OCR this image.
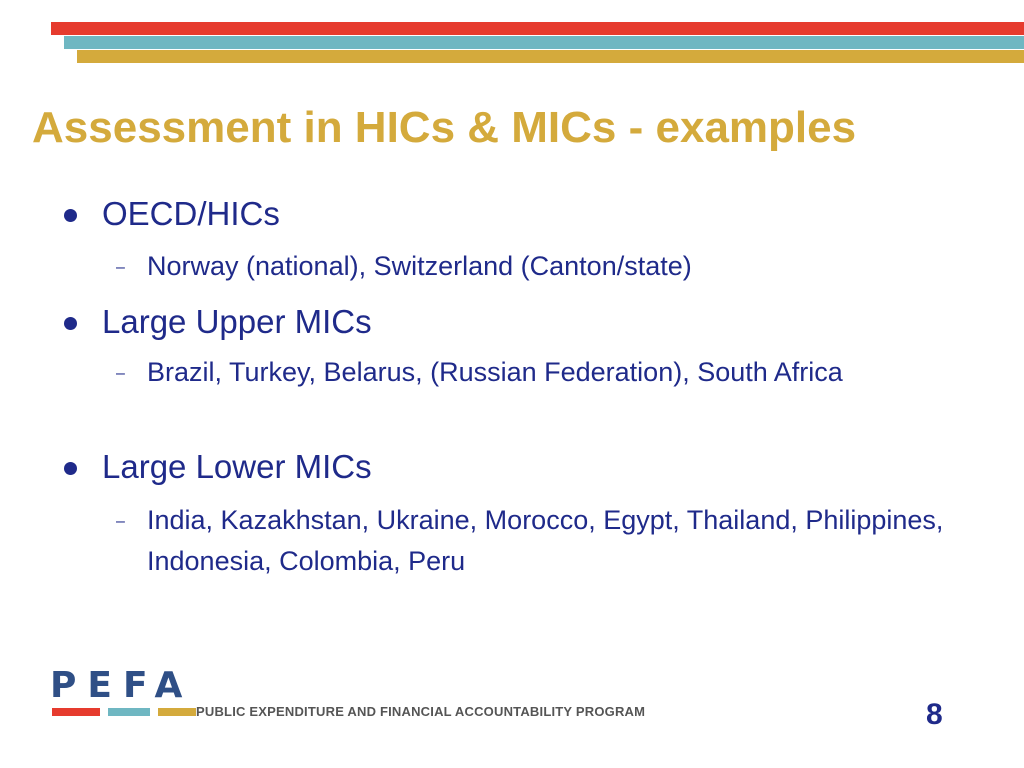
Assessment in HICs & MICs - examples
OECD/HICs
– Norway (national), Switzerland (Canton/state)
Large Upper MICs
– Brazil, Turkey, Belarus, (Russian Federation), South Africa
Large Lower MICs
– India, Kazakhstan, Ukraine, Morocco, Egypt, Thailand, Philippines, Indonesia, Colombia, Peru
PEFA
PUBLIC EXPENDITURE AND FINANCIAL ACCOUNTABILITY PROGRAM	8
